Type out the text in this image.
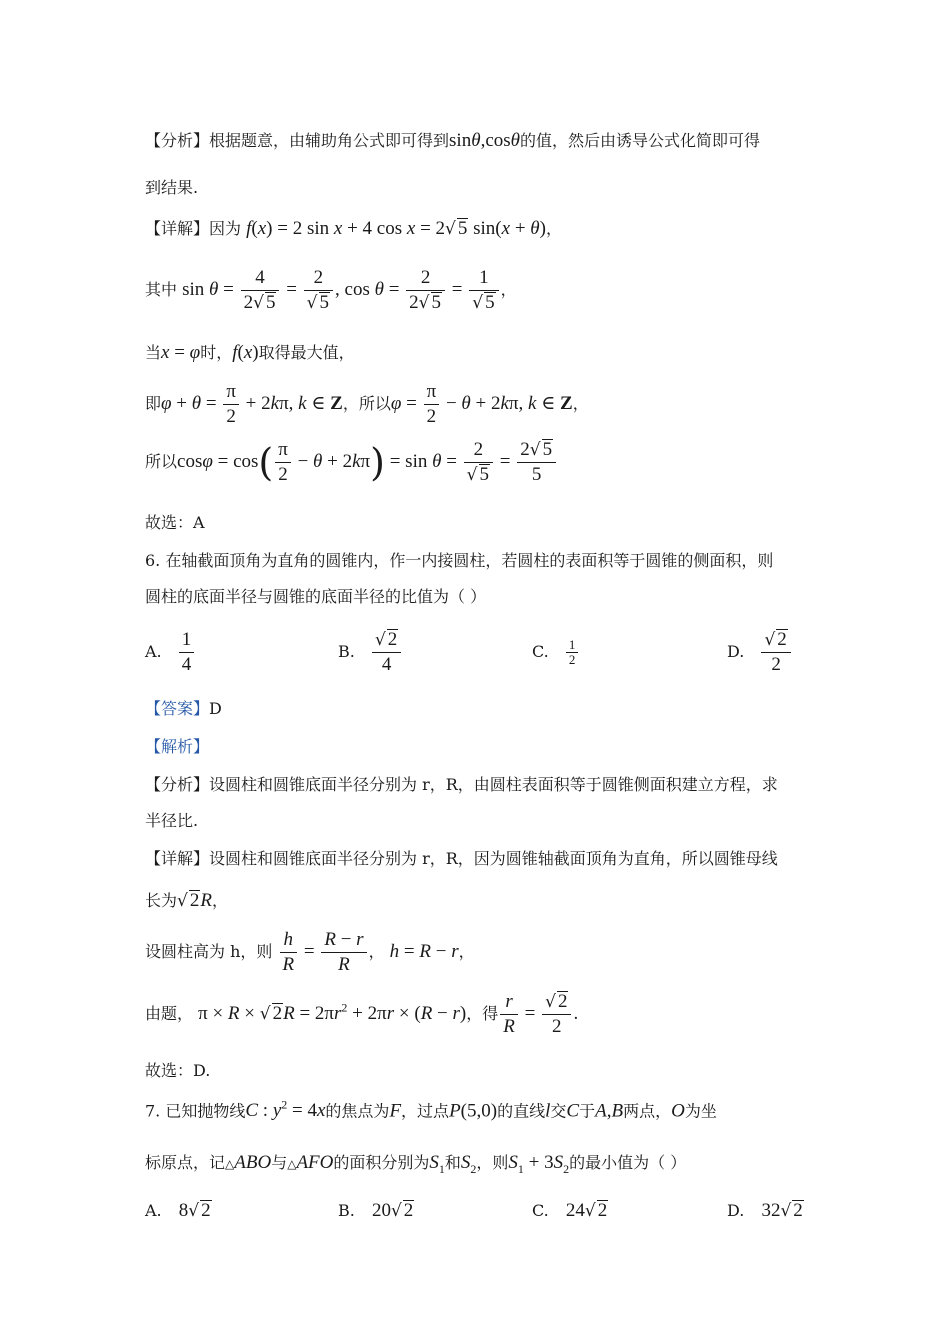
【分析】根据题意，由辅助角公式即可得到sinθ,cosθ的值，然后由诱导公式化简即可得
到结果.
【详解】因为 f(x) = 2 sin x + 4 cos x = 2√ 5 sin(x + θ)，
其中 $\sin \theta = \frac{4}{2√ 5} = \frac{2}{√ 5}$ , $\cos \theta = \frac{2}{2√ 5} = \frac{1}{√ 5}$ ，
当x = φ时，f(x)取得最大值，
即$\varphi + \theta = \frac{\pi}{2} + 2k\pi$, k ∈ Z，所以$\varphi = \frac{\pi}{2} - \theta + 2k\pi$, k ∈ Z，
所以$\cos\varphi = \cos( \frac{\pi}{2} - \theta + 2k\pi) = \sin \theta = \frac{2}{√ 5} = \frac{2√ 5}{5}$
故选：A
6. 在轴截面顶角为直角的圆锥内，作一内接圆柱，若圆柱的表面积等于圆锥的侧面积，则
圆柱的底面半径与圆锥的底面半径的比值为（ ）
A. $\frac{1}{4}$	B. $\frac{√ 2}{4}$	C. $\frac{1}{2}$	D. $\frac{√ 2}{2}$
【答案】D
【解析】
【分析】设圆柱和圆锥底面半径分别为 r，R，由圆柱表面积等于圆锥侧面积建立方程，求
半径比.
【详解】设圆柱和圆锥底面半径分别为 r，R，因为圆锥轴截面顶角为直角，所以圆锥母线
长为√ 2R，
设圆柱高为 h，则 $\frac{h}{R} = \frac{R - r}{R}$ ， h = R − r，
由题， π × R × √ $2R = 2\pi r^2 + 2\pi r \times (R - r)$，得 $\frac{r}{R} = \frac{√ 2}{2}$ .
故选：D.
7. 已知抛物线C : $y^2 = 4x$的焦点为F，过点P(5,0)的直线l交C于A,B两点，O为坐
标原点，记△ABO与△AFO的面积分别为$S_1$和$S_2$，则$S_1 + 3S_2$的最小值为（ ）
A. 8√ 2	B. 20√ 2	C. 24√ 2	D. 32√ 2
